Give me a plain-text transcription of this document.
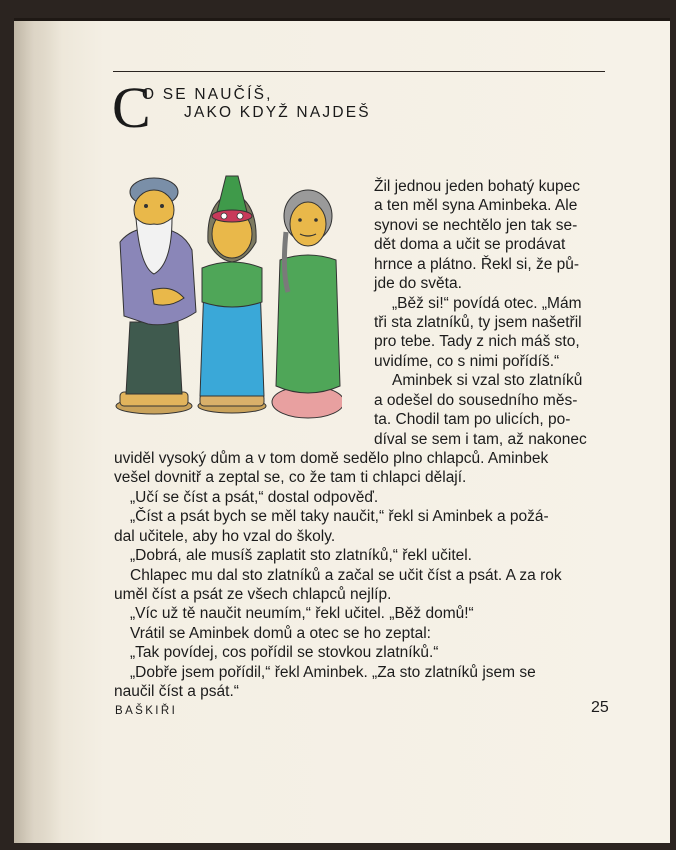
C
O SE NAUČÍŠ,
JAKO KDYŽ NAJDEŠ
Žil jednou jeden bohatý kupec
a ten měl syna Aminbeka. Ale
synovi se nechtělo jen tak se-
dět doma a učit se prodávat
hrnce a plátno. Řekl si, že pů-
jde do světa.
„Běž si!“ povídá otec. „Mám
tři sta zlatníků, ty jsem našetřil
pro tebe. Tady z nich máš sto,
uvidíme, co s nimi pořídíš.“
Aminbek si vzal sto zlatníků
a odešel do sousedního měs-
ta. Chodil tam po ulicích, po-
díval se sem i tam, až nakonec
uviděl vysoký dům a v tom domě sedělo plno chlapců. Aminbek
vešel dovnitř a zeptal se, co že tam ti chlapci dělají.
„Učí se číst a psát,“ dostal odpověď.
„Číst a psát bych se měl taky naučit,“ řekl si Aminbek a požá-
dal učitele, aby ho vzal do školy.
„Dobrá, ale musíš zaplatit sto zlatníků,“ řekl učitel.
Chlapec mu dal sto zlatníků a začal se učit číst a psát. A za rok
uměl číst a psát ze všech chlapců nejlíp.
„Víc už tě naučit neumím,“ řekl učitel. „Běž domů!“
Vrátil se Aminbek domů a otec se ho zeptal:
„Tak povídej, cos pořídil se stovkou zlatníků.“
„Dobře jsem pořídil,“ řekl Aminbek. „Za sto zlatníků jsem se
naučil číst a psát.“
BAŠKIŘI	25
